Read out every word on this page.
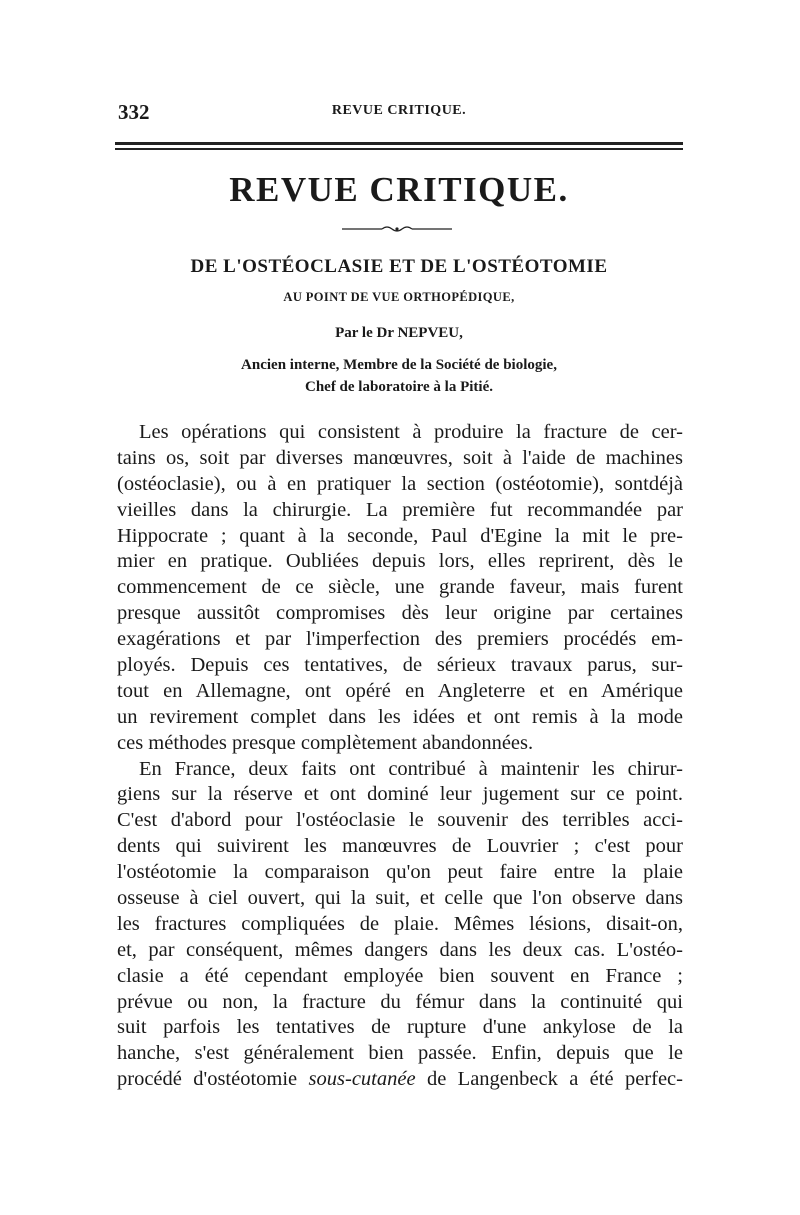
332	REVUE CRITIQUE.
REVUE CRITIQUE.
DE L'OSTÉOCLASIE ET DE L'OSTÉOTOMIE
AU POINT DE VUE ORTHOPÉDIQUE,
Par le Dr NEPVEU,
Ancien interne, Membre de la Société de biologie,
Chef de laboratoire à la Pitié.
Les opérations qui consistent à produire la fracture de cer-
tains os, soit par diverses manœuvres, soit à l'aide de machines
(ostéoclasie), ou à en pratiquer la section (ostéotomie), sontdéjà
vieilles dans la chirurgie. La première fut recommandée par
Hippocrate ; quant à la seconde, Paul d'Egine la mit le pre-
mier en pratique. Oubliées depuis lors, elles reprirent, dès le
commencement de ce siècle, une grande faveur, mais furent
presque aussitôt compromises dès leur origine par certaines
exagérations et par l'imperfection des premiers procédés em-
ployés. Depuis ces tentatives, de sérieux travaux parus, sur-
tout en Allemagne, ont opéré en Angleterre et en Amérique
un revirement complet dans les idées et ont remis à la mode
ces méthodes presque complètement abandonnées.
En France, deux faits ont contribué à maintenir les chirur-
giens sur la réserve et ont dominé leur jugement sur ce point.
C'est d'abord pour l'ostéoclasie le souvenir des terribles acci-
dents qui suivirent les manœuvres de Louvrier ; c'est pour
l'ostéotomie la comparaison qu'on peut faire entre la plaie
osseuse à ciel ouvert, qui la suit, et celle que l'on observe dans
les fractures compliquées de plaie. Mêmes lésions, disait-on,
et, par conséquent, mêmes dangers dans les deux cas. L'ostéo-
clasie a été cependant employée bien souvent en France ;
prévue ou non, la fracture du fémur dans la continuité qui
suit parfois les tentatives de rupture d'une ankylose de la
hanche, s'est généralement bien passée. Enfin, depuis que le
procédé d'ostéotomie sous-cutanée de Langenbeck a été perfec-
